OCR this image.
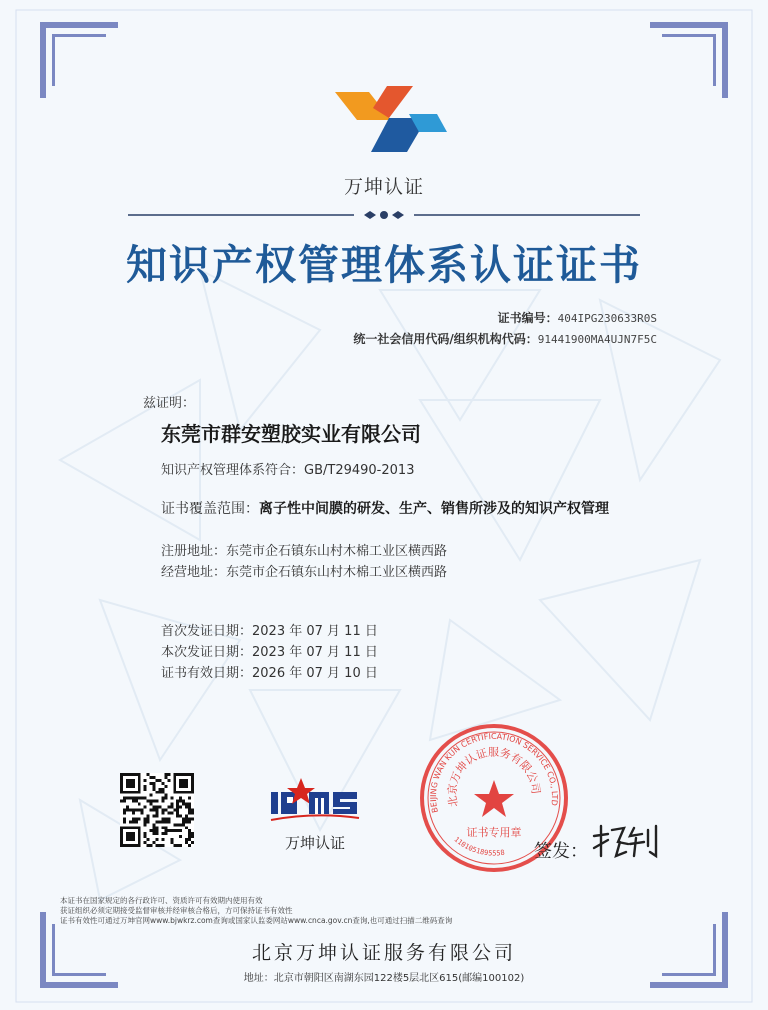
万坤认证
知识产权管理体系认证证书
证书编号：404IPG230633R0S
统一社会信用代码/组织机构代码：91441900MA4UJN7F5C
兹证明：
东莞市群安塑胶实业有限公司
知识产权管理体系符合：GB/T29490-2013
证书覆盖范围：离子性中间膜的研发、生产、销售所涉及的知识产权管理
注册地址：东莞市企石镇东山村木棉工业区横西路
经营地址：东莞市企石镇东山村木棉工业区横西路
首次发证日期：2023 年 07 月 11 日
本次发证日期：2023 年 07 月 11 日
证书有效日期：2026 年 07 月 10 日
万坤认证
BEIJING WAN KUN CERTIFICATION SERVICE CO., LTD
北京万坤认证服务有限公司
证书专用章
1101051895558 签发：
本证书在国家规定的各行政许可、资质许可有效期内使用有效
获证组织必须定期接受监督审核并经审核合格后，方可保持证书有效性
证书有效性可通过万坤官网www.bjwkrz.com查询或国家认监委网站www.cnca.gov.cn查询,也可通过扫描二维码查询
北京万坤认证服务有限公司
地址：北京市朝阳区南湖东园122楼5层北区615(邮编100102)
